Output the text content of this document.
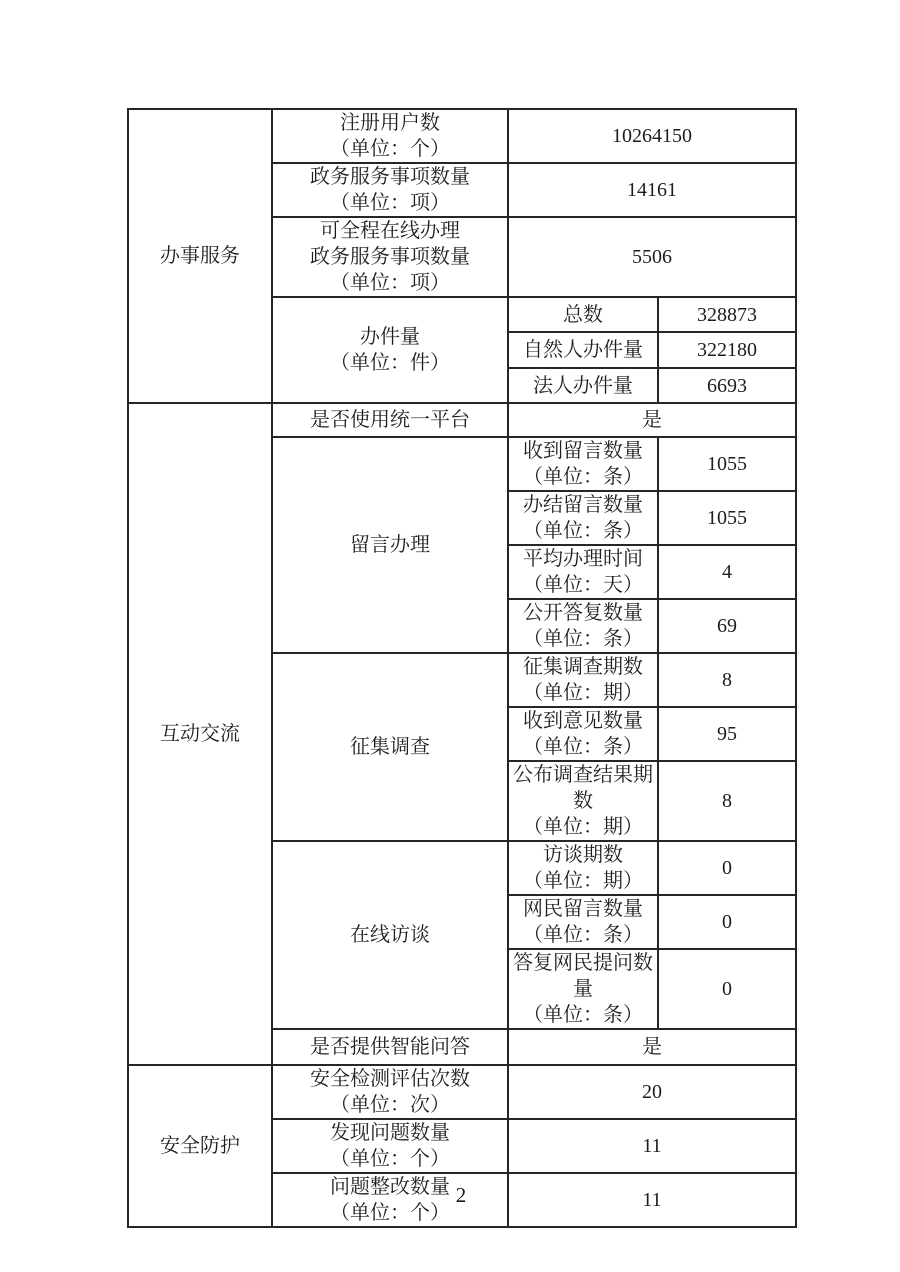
办事服务	注册用户数
（单位：个）	10264150	

	政务服务事项数量
（单位：项）	14161	

	可全程在线办理
政务服务事项数量
（单位：项）	5506	

	办件量
（单位：件）	总数	328873
		自然人办件量	322180
		法人办件量	6693
互动交流	是否使用统一平台	是	
	留言办理	收到留言数量
（单位：条）	1055

		办结留言数量
（单位：条）	1055

		平均办理时间
（单位：天）	4

		公开答复数量
（单位：条）	69
	征集调查	征集调查期数
（单位：期）	8

		收到意见数量
（单位：条）	95

		公布调查结果期数
（单位：期）	8
	在线访谈	访谈期数
（单位：期）	0

		网民留言数量
（单位：条）	0

		答复网民提问数量
（单位：条）	0
	是否提供智能问答	是	
安全防护	安全检测评估次数
（单位：次）	20	

	发现问题数量
（单位：个）	11	

	问题整改数量
（单位：个）	11	
2
